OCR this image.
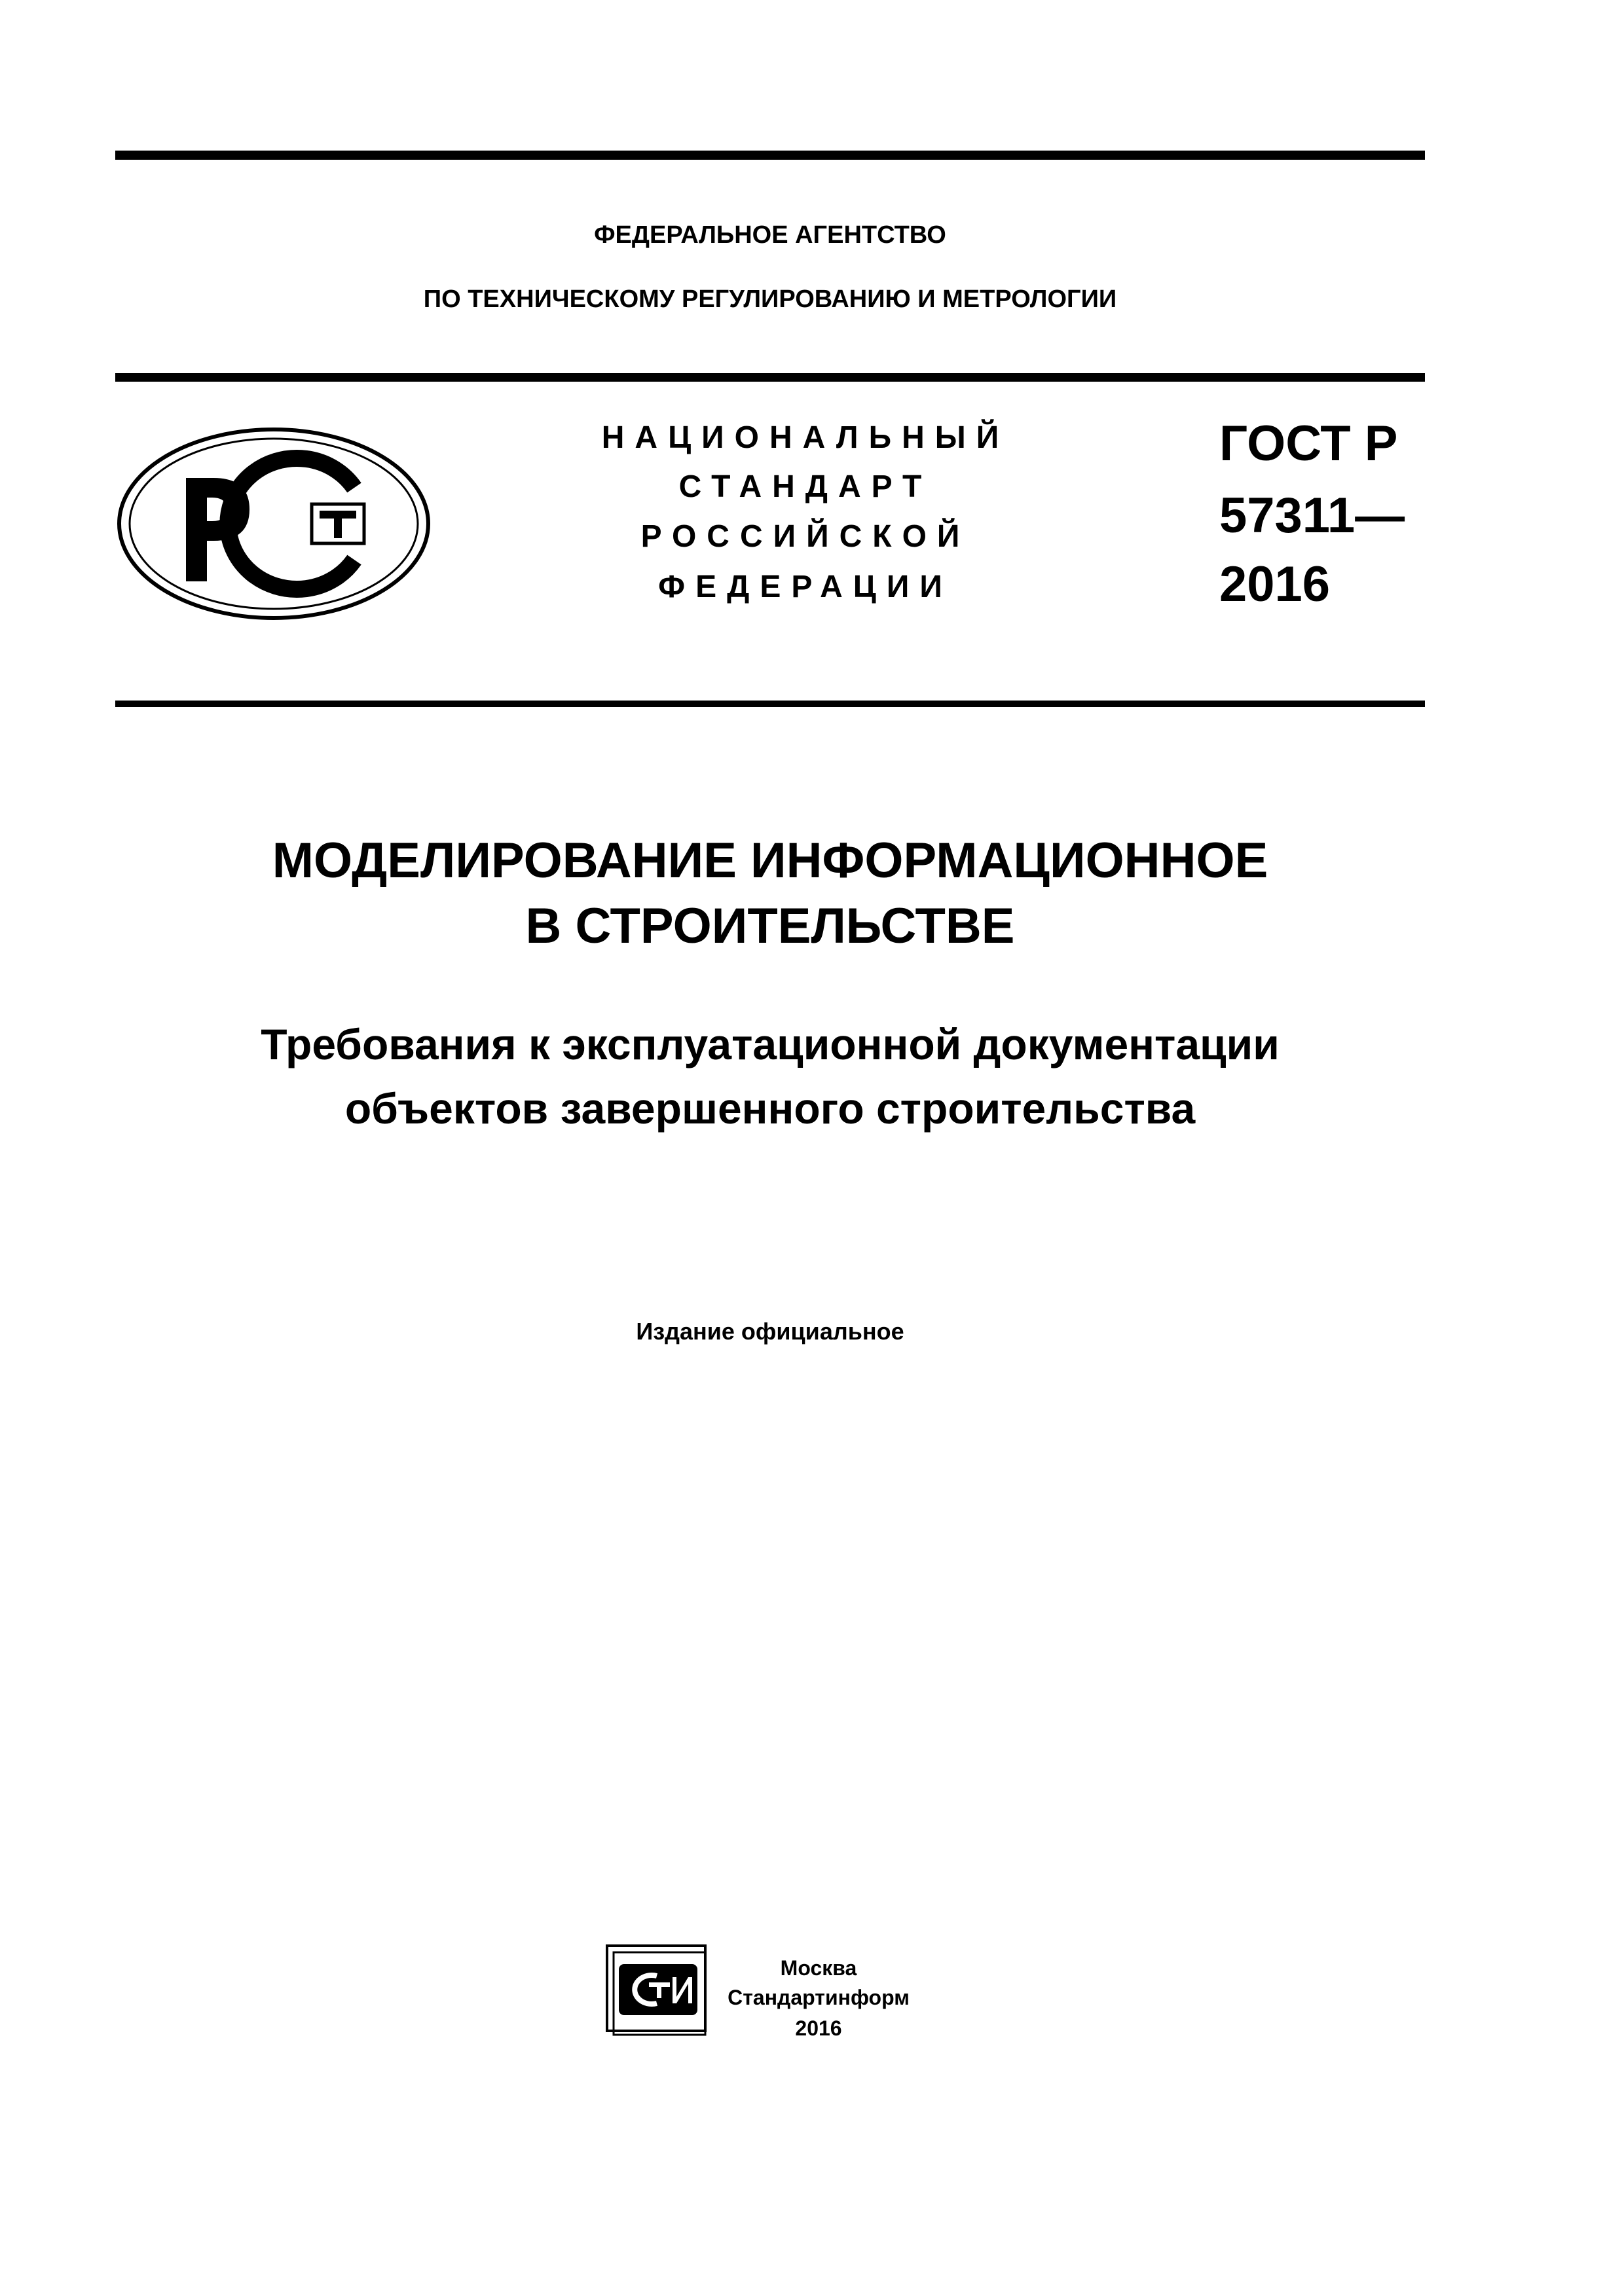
ФЕДЕРАЛЬНОЕ АГЕНТСТВО
ПО ТЕХНИЧЕСКОМУ РЕГУЛИРОВАНИЮ И МЕТРОЛОГИИ
НАЦИОНАЛЬНЫЙ
СТАНДАРТ
РОССИЙСКОЙ
ФЕДЕРАЦИИ
ГОСТ Р
57311—
2016
МОДЕЛИРОВАНИЕ ИНФОРМАЦИОННОЕ
В СТРОИТЕЛЬСТВЕ
Требования к эксплуатационной документации
объектов завершенного строительства
Издание официальное
Москва
Стандартинформ
2016
